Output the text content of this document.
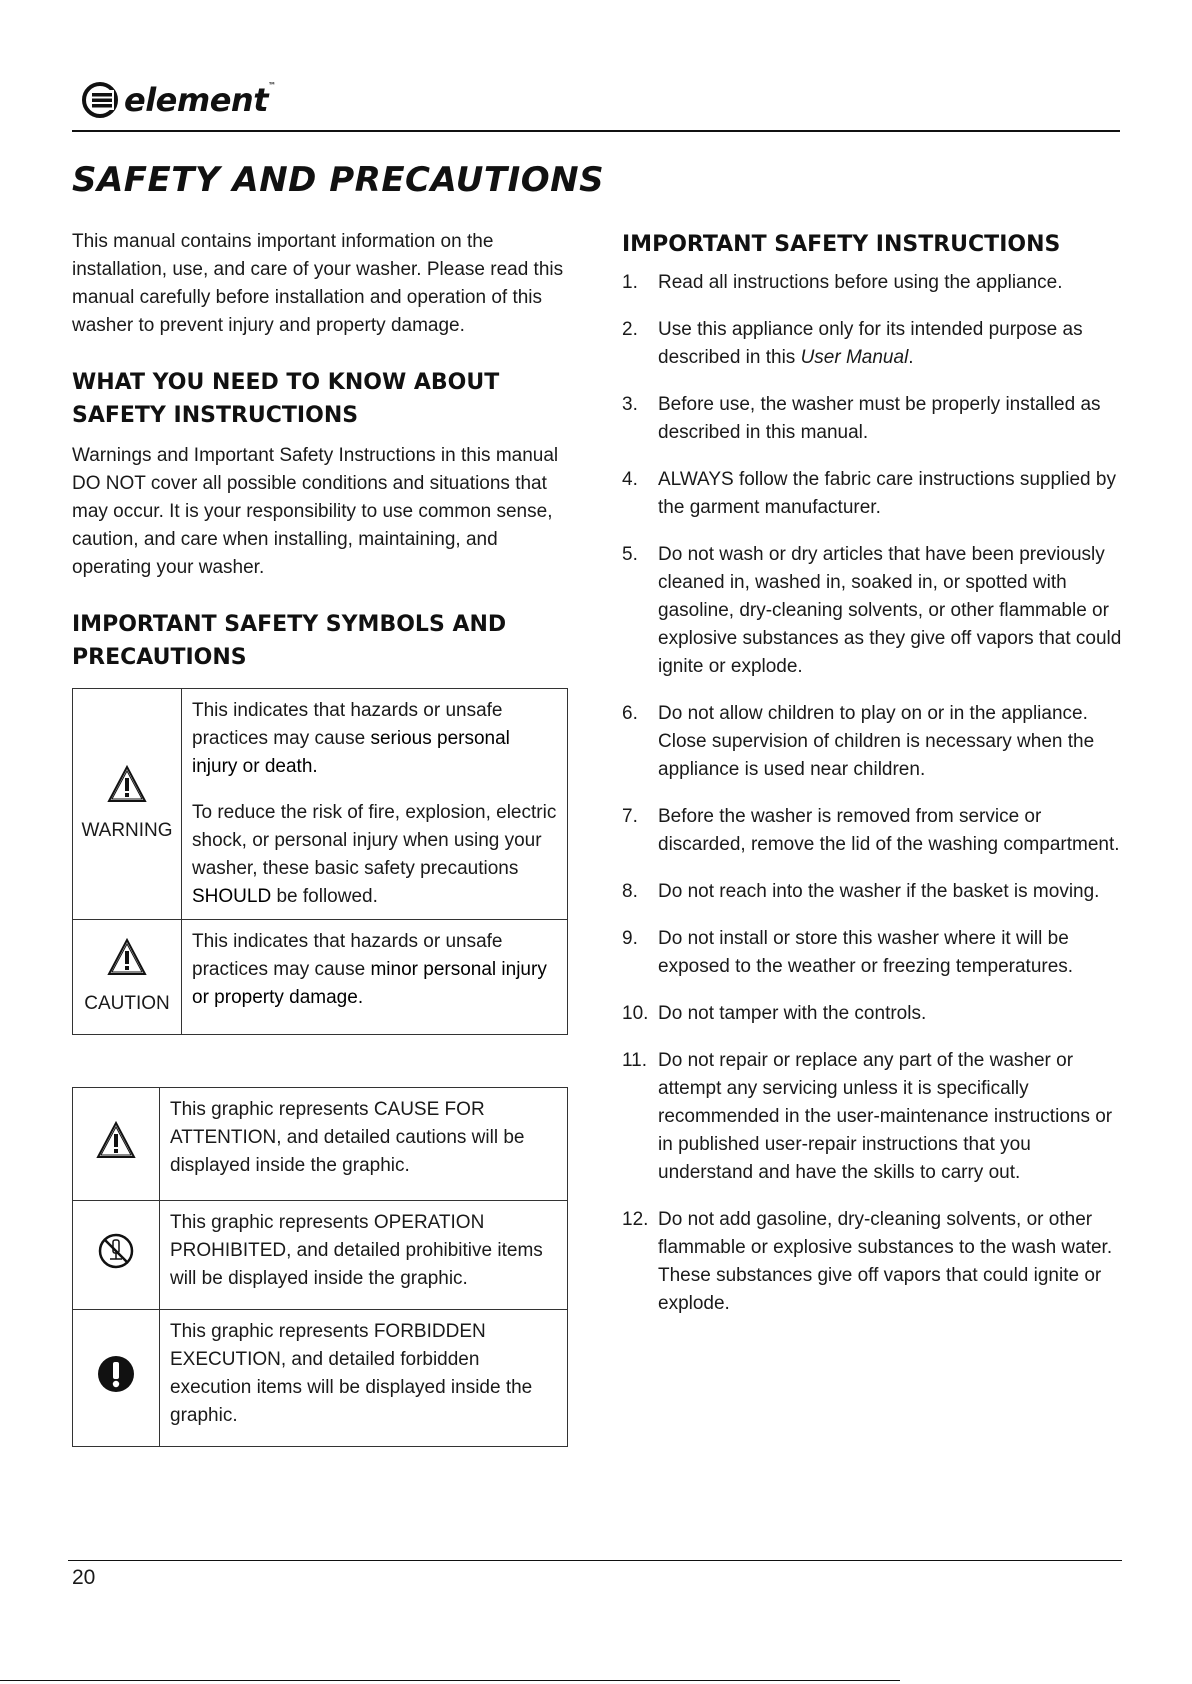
element™
SAFETY AND PRECAUTIONS

This manual contains important information on the installation, use, and care of your washer. Please read this manual carefully before installation and operation of this washer to prevent injury and property damage.

WHAT YOU NEED TO KNOW ABOUT SAFETY INSTRUCTIONS

Warnings and Important Safety Instructions in this manual DO NOT cover all possible conditions and situations that may occur. It is your responsibility to use common sense, caution, and care when installing, maintaining, and operating your washer.

IMPORTANT SAFETY SYMBOLS AND PRECAUTIONS
WARNING	This indicates that hazards or unsafe practices may cause serious personal injury or death.

To reduce the risk of fire, explosion, electric shock, or personal injury when using your washer, these basic safety precautions SHOULD be followed.

CAUTION	This indicates that hazards or unsafe practices may cause minor personal injury or property damage.

	This graphic represents CAUSE FOR ATTENTION, and detailed cautions will be displayed inside the graphic.
	This graphic represents OPERATION PROHIBITED, and detailed prohibitive items will be displayed inside the graphic.
	This graphic represents FORBIDDEN EXECUTION, and detailed forbidden execution items will be displayed inside the graphic.
IMPORTANT SAFETY INSTRUCTIONS
1. Read all instructions before using the appliance.
2. Use this appliance only for its intended purpose as described in this User Manual.
3. Before use, the washer must be properly installed as described in this manual.
4. ALWAYS follow the fabric care instructions supplied by the garment manufacturer.
5. Do not wash or dry articles that have been previously cleaned in, washed in, soaked in, or spotted with gasoline, dry-cleaning solvents, or other flammable or explosive substances as they give off vapors that could ignite or explode.
6. Do not allow children to play on or in the appliance. Close supervision of children is necessary when the appliance is used near children.
7. Before the washer is removed from service or discarded, remove the lid of the washing compartment.
8. Do not reach into the washer if the basket is moving.
9. Do not install or store this washer where it will be exposed to the weather or freezing temperatures.
10. Do not tamper with the controls.
11. Do not repair or replace any part of the washer or attempt any servicing unless it is specifically recommended in the user-maintenance instructions or in published user-repair instructions that you understand and have the skills to carry out.
12. Do not add gasoline, dry-cleaning solvents, or other flammable or explosive substances to the wash water. These substances give off vapors that could ignite or explode.
20
